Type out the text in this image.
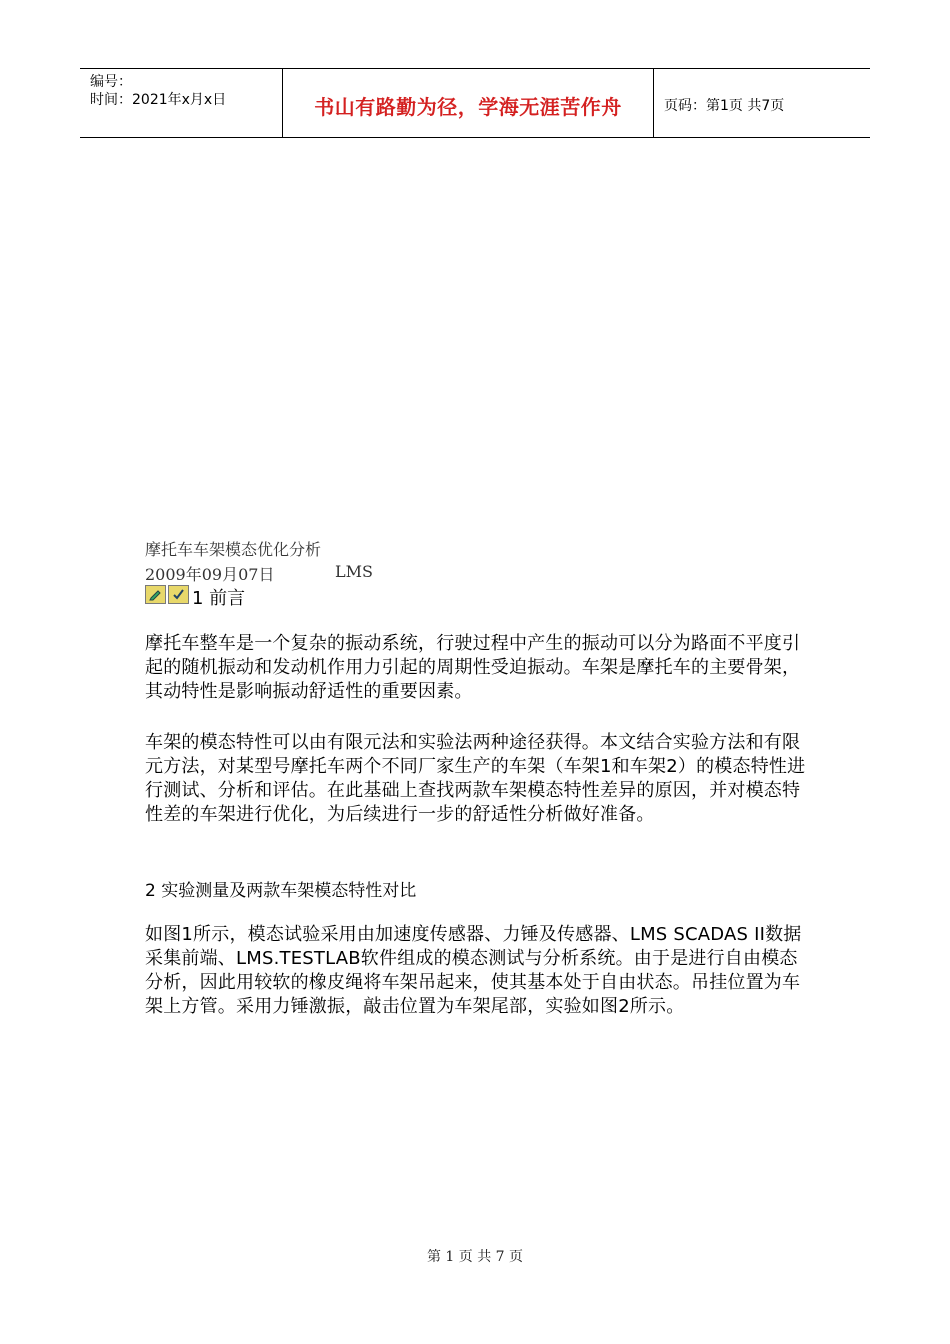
编号：
时间：2021年x月x日	书山有路勤为径，学海无涯苦作舟	页码：第1页 共7页
摩托车车架模态优化分析
2009年09月07日	LMS
1 前言
摩托车整车是一个复杂的振动系统，行驶过程中产生的振动可以分为路面不平度引起的随机振动和发动机作用力引起的周期性受迫振动。车架是摩托车的主要骨架，其动特性是影响振动舒适性的重要因素。
车架的模态特性可以由有限元法和实验法两种途径获得。本文结合实验方法和有限元方法，对某型号摩托车两个不同厂家生产的车架（车架1和车架2）的模态特性进行测试、分析和评估。在此基础上查找两款车架模态特性差异的原因，并对模态特性差的车架进行优化，为后续进行一步的舒适性分析做好准备。
2 实验测量及两款车架模态特性对比
如图1所示，模态试验采用由加速度传感器、力锤及传感器、LMS SCADAS II数据采集前端、LMS.TESTLAB软件组成的模态测试与分析系统。由于是进行自由模态分析，因此用较软的橡皮绳将车架吊起来，使其基本处于自由状态。吊挂位置为车架上方管。采用力锤激振，敲击位置为车架尾部，实验如图2所示。
第 1 页 共 7 页
